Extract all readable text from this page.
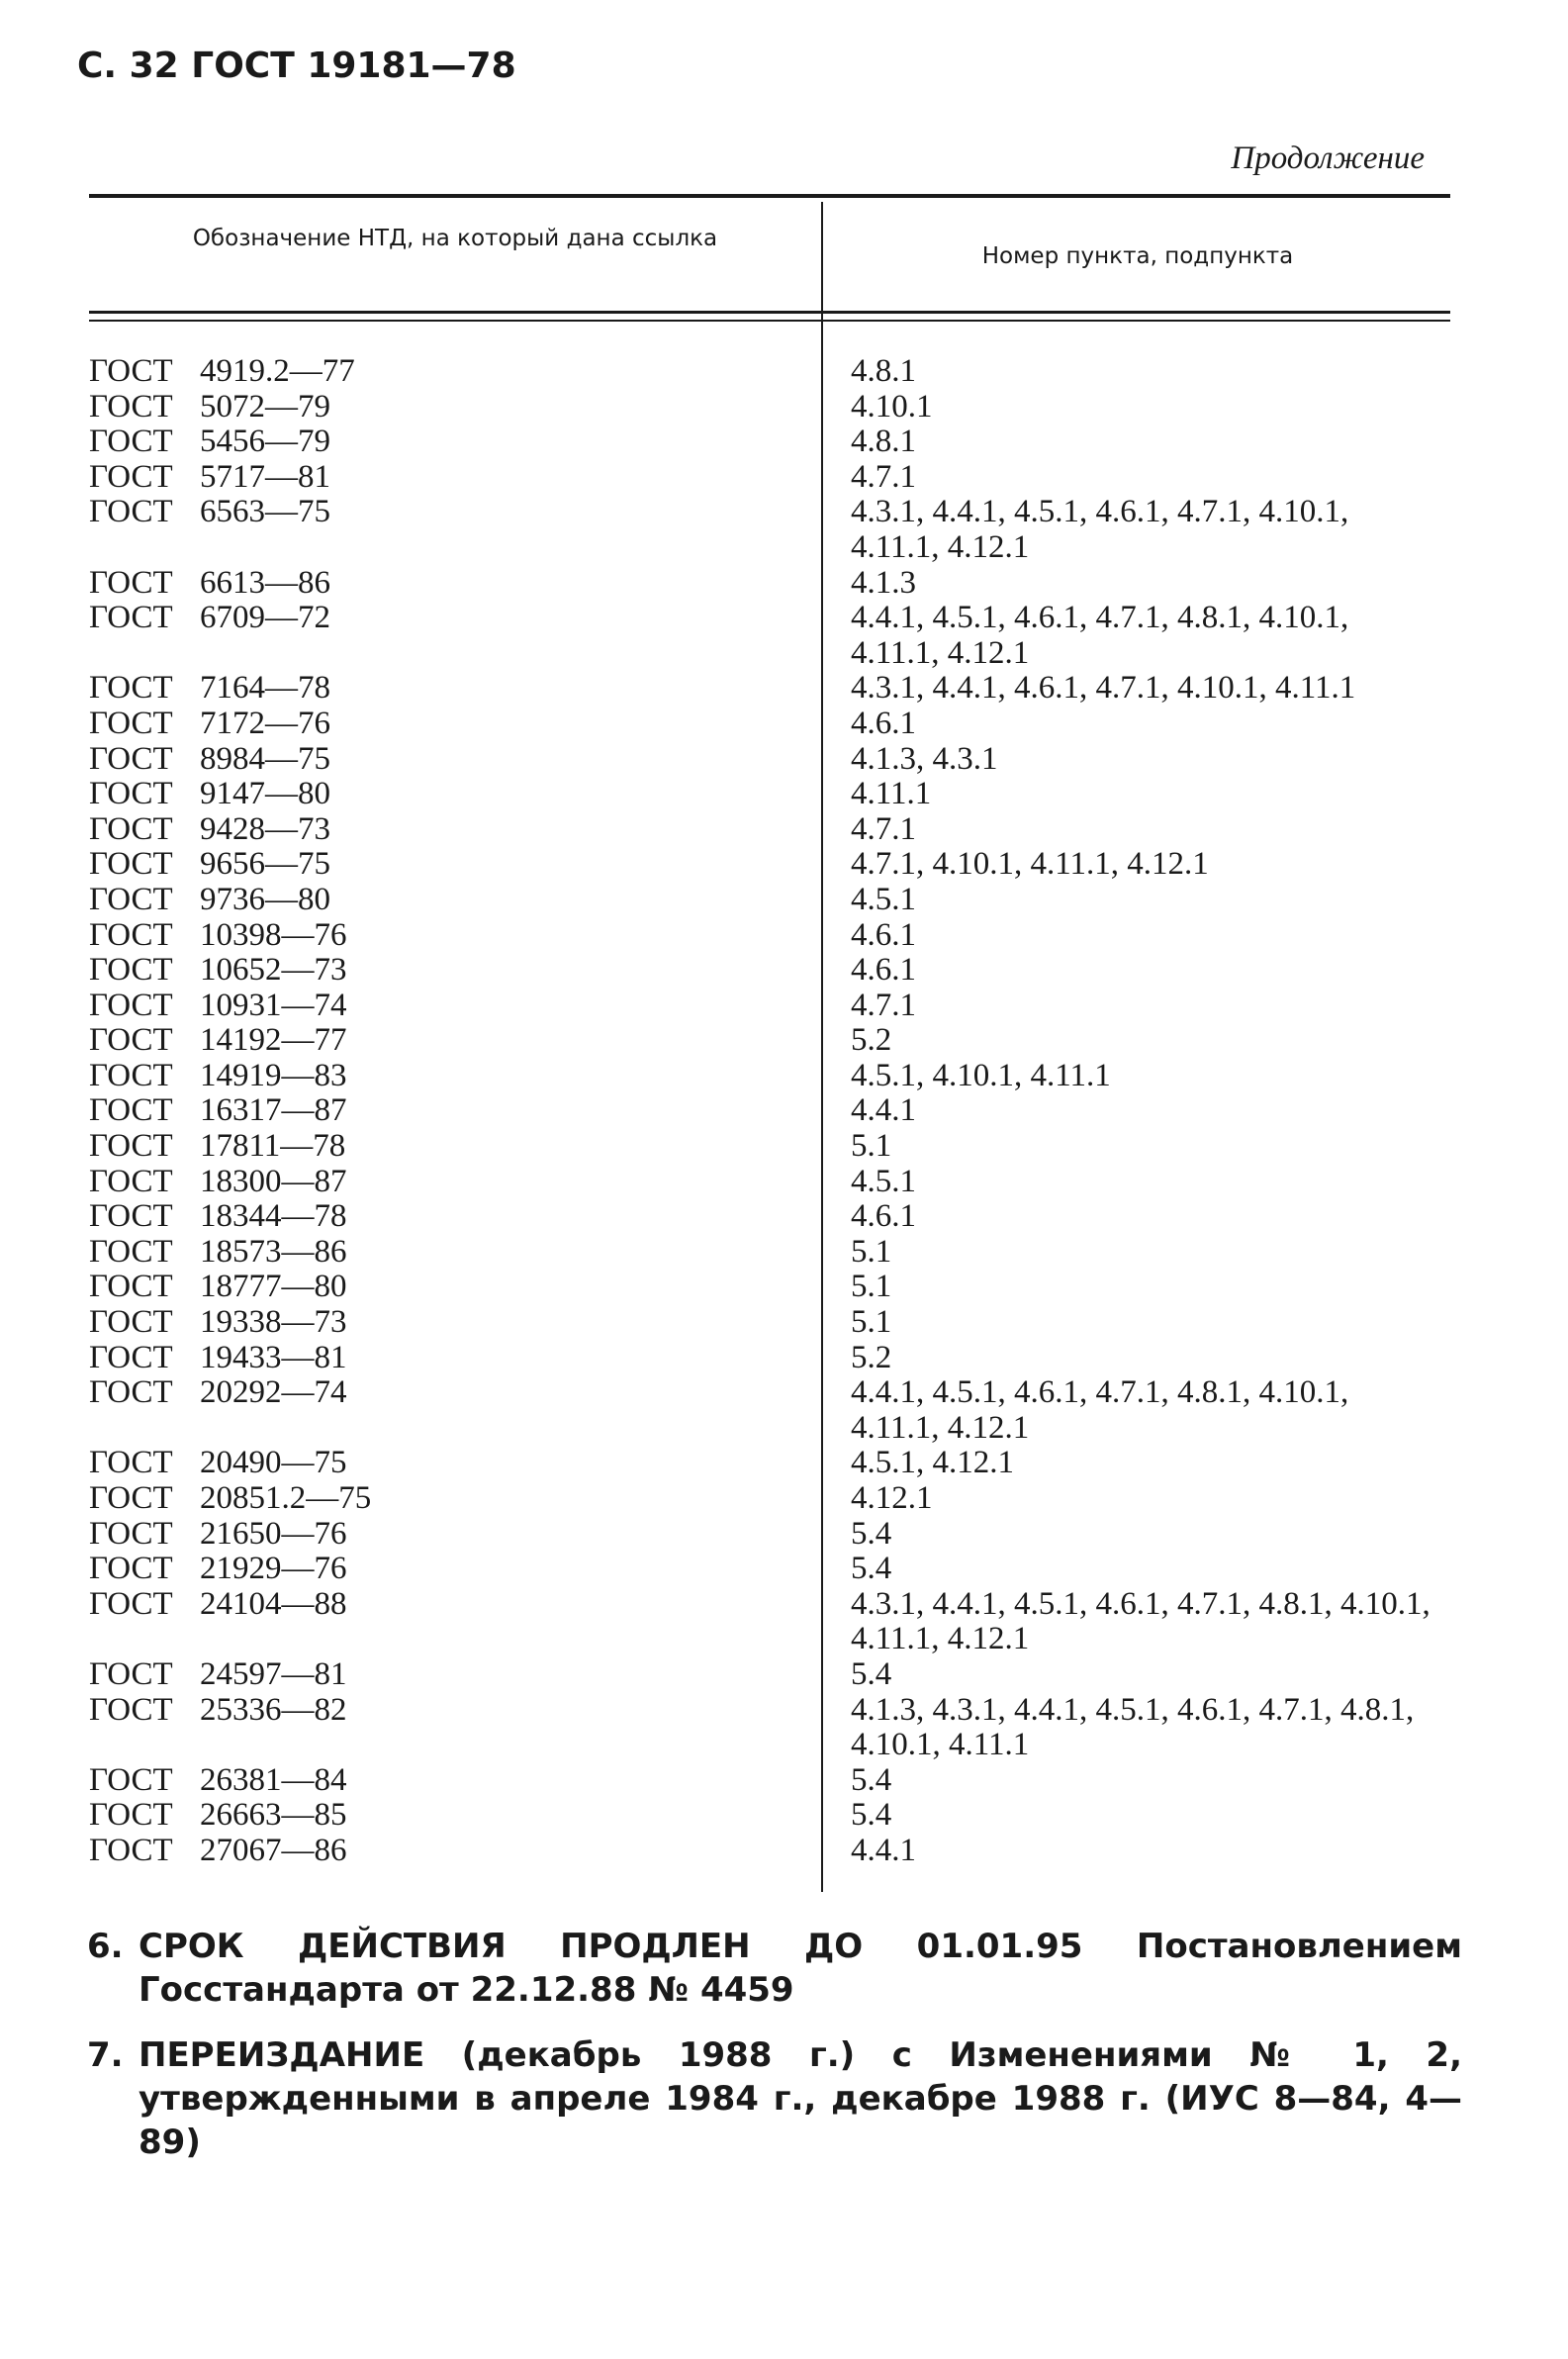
С. 32 ГОСТ 19181—78
Продолжение
Обозначение НТД, на который дана ссылка
Номер пункта, подпункта
ГОСТ 4919.2—77	4.8.1
ГОСТ 5072—79	4.10.1
ГОСТ 5456—79	4.8.1
ГОСТ 5717—81	4.7.1
ГОСТ 6563—75	4.3.1, 4.4.1, 4.5.1, 4.6.1, 4.7.1, 4.10.1, 4.11.1, 4.12.1
ГОСТ 6613—86	4.1.3
ГОСТ 6709—72	4.4.1, 4.5.1, 4.6.1, 4.7.1, 4.8.1, 4.10.1, 4.11.1, 4.12.1
ГОСТ 7164—78	4.3.1, 4.4.1, 4.6.1, 4.7.1, 4.10.1, 4.11.1
ГОСТ 7172—76	4.6.1
ГОСТ 8984—75	4.1.3, 4.3.1
ГОСТ 9147—80	4.11.1
ГОСТ 9428—73	4.7.1
ГОСТ 9656—75	4.7.1, 4.10.1, 4.11.1, 4.12.1
ГОСТ 9736—80	4.5.1
ГОСТ 10398—76	4.6.1
ГОСТ 10652—73	4.6.1
ГОСТ 10931—74	4.7.1
ГОСТ 14192—77	5.2
ГОСТ 14919—83	4.5.1, 4.10.1, 4.11.1
ГОСТ 16317—87	4.4.1
ГОСТ 17811—78	5.1
ГОСТ 18300—87	4.5.1
ГОСТ 18344—78	4.6.1
ГОСТ 18573—86	5.1
ГОСТ 18777—80	5.1
ГОСТ 19338—73	5.1
ГОСТ 19433—81	5.2
ГОСТ 20292—74	4.4.1, 4.5.1, 4.6.1, 4.7.1, 4.8.1, 4.10.1, 4.11.1, 4.12.1
ГОСТ 20490—75	4.5.1, 4.12.1
ГОСТ 20851.2—75	4.12.1
ГОСТ 21650—76	5.4
ГОСТ 21929—76	5.4
ГОСТ 24104—88	4.3.1, 4.4.1, 4.5.1, 4.6.1, 4.7.1, 4.8.1, 4.10.1, 4.11.1, 4.12.1
ГОСТ 24597—81	5.4
ГОСТ 25336—82	4.1.3, 4.3.1, 4.4.1, 4.5.1, 4.6.1, 4.7.1, 4.8.1, 4.10.1, 4.11.1
ГОСТ 26381—84	5.4
ГОСТ 26663—85	5.4
ГОСТ 27067—86	4.4.1
6. СРОК ДЕЙСТВИЯ ПРОДЛЕН ДО 01.01.95 Постановлением Госстандарта от 22.12.88 № 4459
7. ПЕРЕИЗДАНИЕ (декабрь 1988 г.) с Изменениями № 1, 2, утвержденными в апреле 1984 г., декабре 1988 г. (ИУС 8—84, 4—89)
